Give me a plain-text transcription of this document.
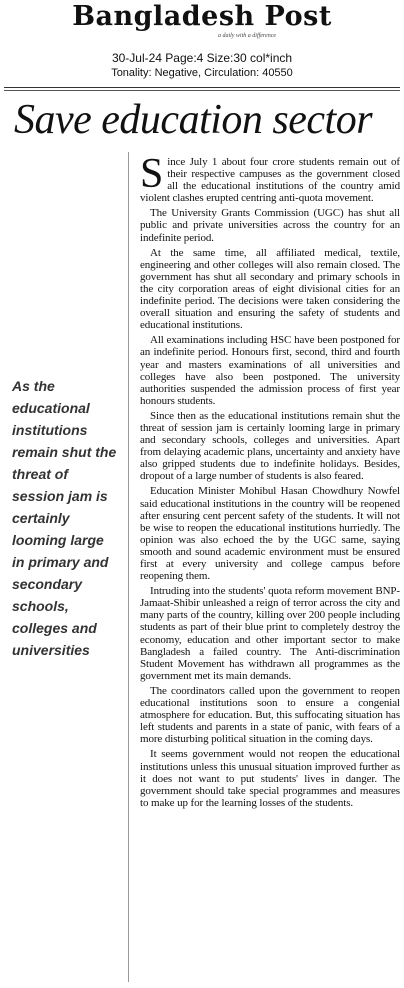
Bangladesh Post
a daily with a difference
30-Jul-24 Page:4 Size:30 col*inch
Tonality: Negative, Circulation: 40550
Save education sector
As the educational institutions remain shut the threat of session jam is certainly looming large in primary and secondary schools, colleges and universities

Since July 1 about four crore students remain out of their respective campuses as the government closed all the educational institutions of the country amid violent clashes erupted centring anti-quota movement.

The University Grants Commission (UGC) has shut all public and private universities across the country for an indefinite period.

At the same time, all affiliated medical, textile, engineering and other colleges will also remain closed. The government has shut all secondary and primary schools in the city corporation areas of eight divisional cities for an indefinite period. The decisions were taken considering the overall situation and ensuring the safety of students and educational institutions.

All examinations including HSC have been postponed for an indefinite period. Honours first, second, third and fourth year and masters examinations of all universities and colleges have also been postponed. The university authorities suspended the admission process of first year honours students.

Since then as the educational institutions remain shut the threat of session jam is certainly looming large in primary and secondary schools, colleges and universities. Apart from delaying academic plans, uncertainty and anxiety have also gripped students due to indefinite holidays. Besides, dropout of a large number of students is also feared.

Education Minister Mohibul Hasan Chowdhury Nowfel said educational institutions in the country will be reopened after ensuring cent percent safety of the students. It will not be wise to reopen the educational institutions hurriedly. The opinion was also echoed the by the UGC same, saying smooth and sound academic environment must be ensured first at every university and college campus before reopening them.

Intruding into the students' quota reform movement BNP-Jamaat-Shibir unleashed a reign of terror across the city and many parts of the country, killing over 200 people including students as part of their blue print to completely destroy the economy, education and other important sector to make Bangladesh a failed country. The Anti-discrimination Student Movement has withdrawn all programmes as the government met its main demands.

The coordinators called upon the government to reopen educational institutions soon to ensure a congenial atmosphere for education. But, this suffocating situation has left students and parents in a state of panic, with fears of a more disturbing political situation in the coming days.

It seems government would not reopen the educational institutions unless this unusual situation improved further as it does not want to put students' lives in danger. The government should take special programmes and measures to make up for the learning losses of the students.
